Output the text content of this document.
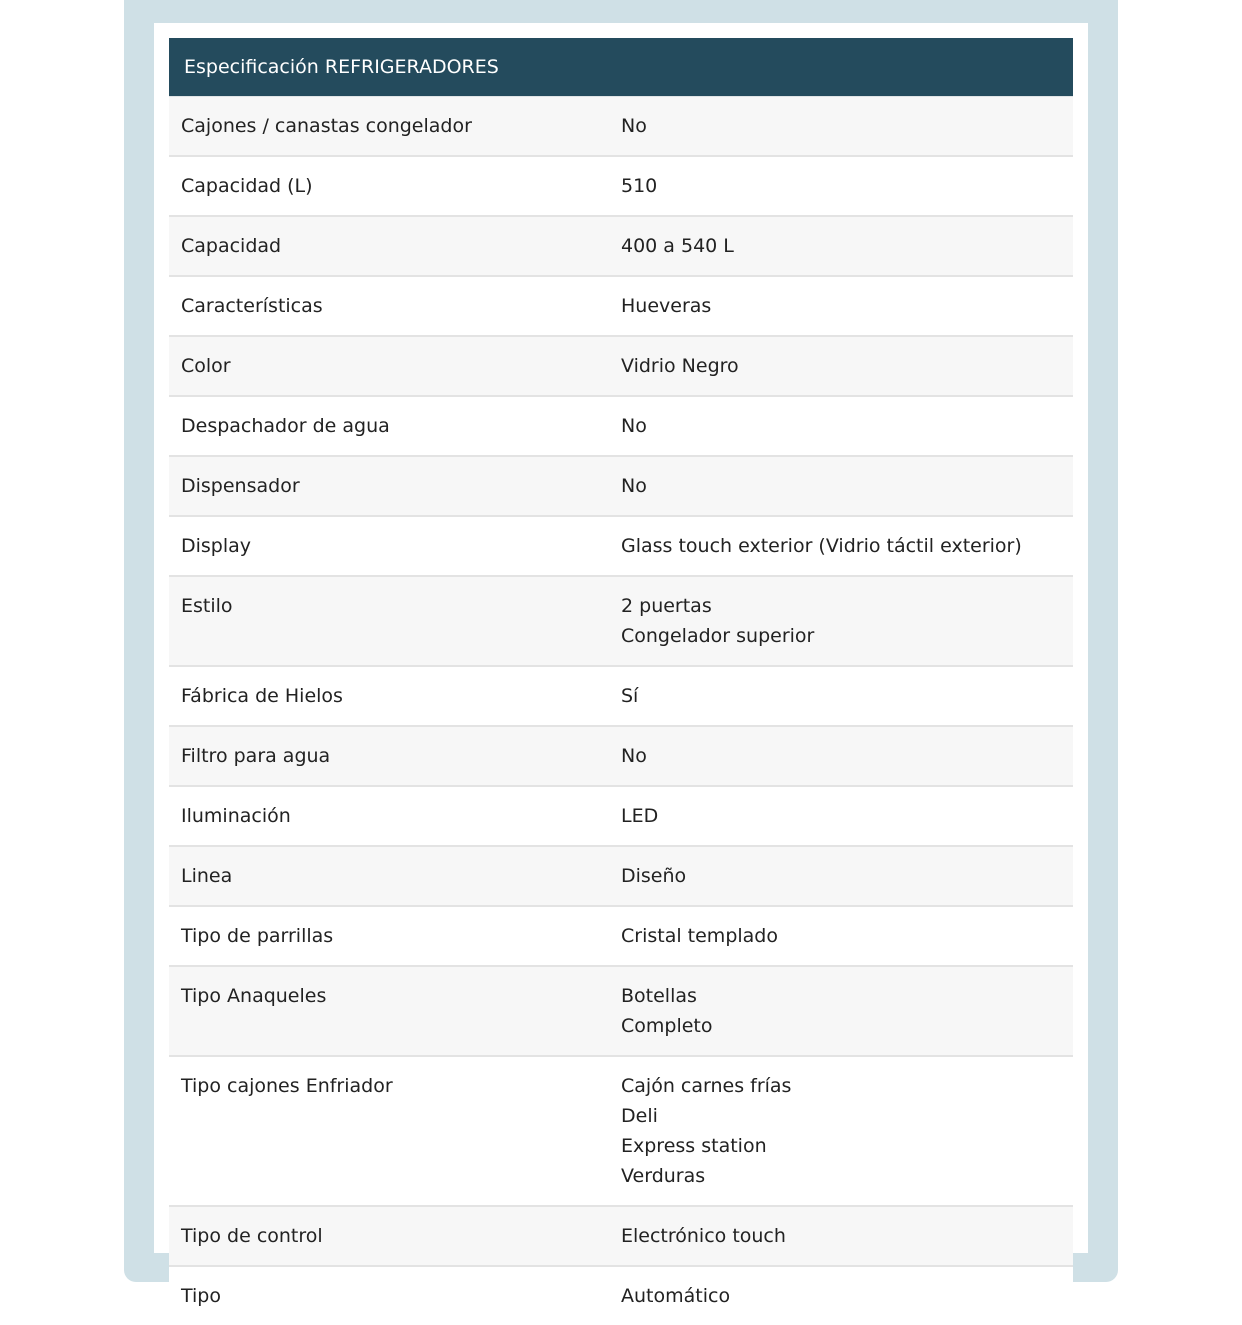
Especificación REFRIGERADORES
Cajones / canastas congelador	No
Capacidad (L)	510
Capacidad	400 a 540 L
Características	Hueveras
Color	Vidrio Negro
Despachador de agua	No
Dispensador	No
Display	Glass touch exterior (Vidrio táctil exterior)
Estilo	2 puertas
Congelador superior
Fábrica de Hielos	Sí
Filtro para agua	No
Iluminación	LED
Linea	Diseño
Tipo de parrillas	Cristal templado
Tipo Anaqueles	Botellas
Completo
Tipo cajones Enfriador	Cajón carnes frías
Deli
Express station
Verduras
Tipo de control	Electrónico touch
Tipo	Automático
